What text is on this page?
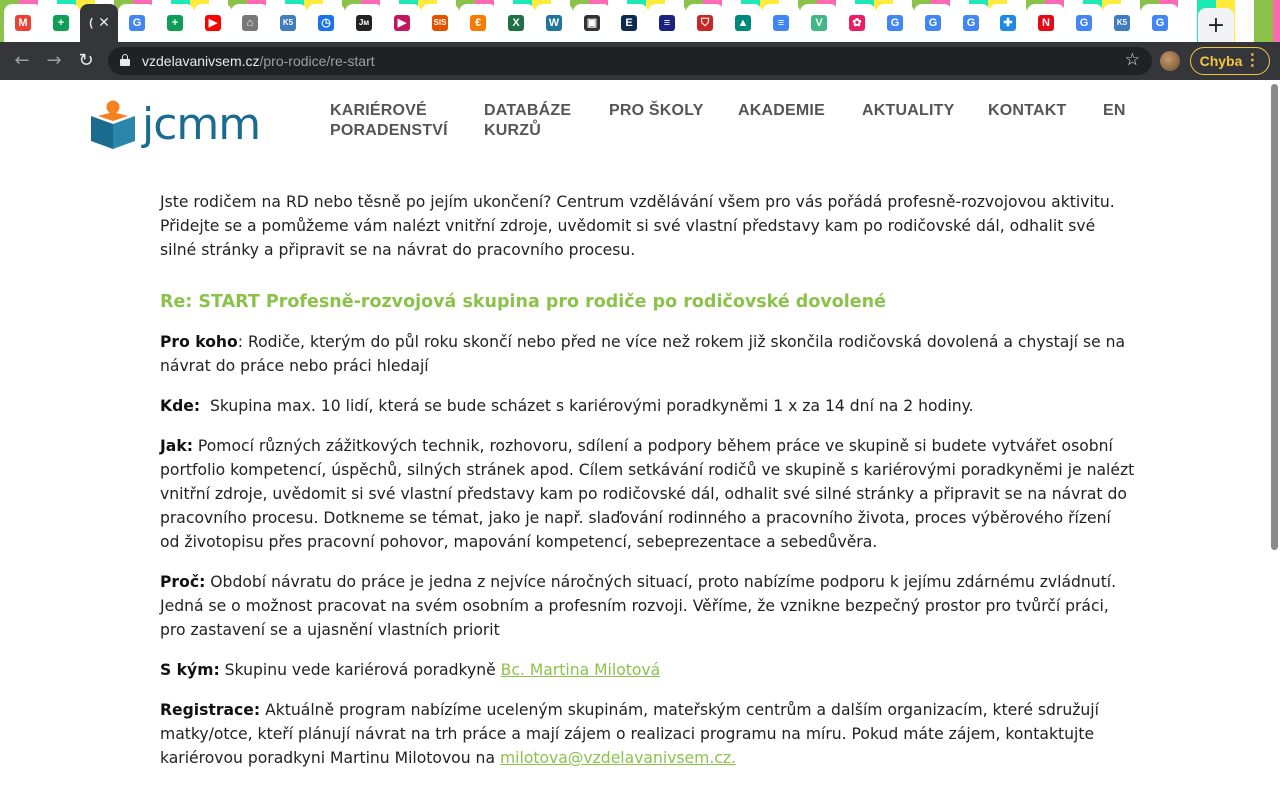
M	+	( ✕	G	+	▶	⌂	K5	◷	Jм	▶	SIS	€	X	W	▣	E	≡	⛉	▲	≡	V	✿	G	G	G	✚	N	G	K5	G +
← → ↻	vzdelavanivsem.cz/pro-rodice/re-start	☆	Chyba ⋮
jcmm	KARIÉROVÉ
PORADENSTVÍ
DATABÁZE
KURZŮ
PRO ŠKOLY AKADEMIE AKTUALITY KONTAKT EN

Jste rodičem na RD nebo těsně po jejím ukončení? Centrum vzdělávání všem pro vás pořádá profesně-rozvojovou aktivitu. Přidejte se a pomůžeme vám nalézt vnitřní zdroje, uvědomit si své vlastní představy kam po rodičovské dál, odhalit své silné stránky a připravit se na návrat do pracovního procesu.

Re: START Profesně-rozvojová skupina pro rodiče po rodičovské dovolené

Pro koho: Rodiče, kterým do půl roku skončí nebo před ne více než rokem již skončila rodičovská dovolená a chystají se na návrat do práce nebo práci hledají

Kde:  Skupina max. 10 lidí, která se bude scházet s kariérovými poradkyněmi 1 x za 14 dní na 2 hodiny.

Jak: Pomocí různých zážitkových technik, rozhovoru, sdílení a podpory během práce ve skupině si budete vytvářet osobní portfolio kompetencí, úspěchů, silných stránek apod. Cílem setkávání rodičů ve skupině s kariérovými poradkyněmi je nalézt vnitřní zdroje, uvědomit si své vlastní představy kam po rodičovské dál, odhalit své silné stránky a připravit se na návrat do pracovního procesu. Dotkneme se témat, jako je např. slaďování rodinného a pracovního života, proces výběrového řízení od životopisu přes pracovní pohovor, mapování kompetencí, sebeprezentace a sebedůvěra.

Proč: Období návratu do práce je jedna z nejvíce náročných situací, proto nabízíme podporu k jejímu zdárnému zvládnutí. Jedná se o možnost pracovat na svém osobním a profesním rozvoji. Věříme, že vznikne bezpečný prostor pro tvůrčí práci, pro zastavení se a ujasnění vlastních priorit

S kým: Skupinu vede kariérová poradkyně Bc. Martina Milotová

Registrace: Aktuálně program nabízíme uceleným skupinám, mateřským centrům a dalším organizacím, které sdružují matky/otce, kteří plánují návrat na trh práce a mají zájem o realizaci programu na míru. Pokud máte zájem, kontaktujte kariérovou poradkyni Martinu Milotovou na milotova@vzdelavanivsem.cz.
